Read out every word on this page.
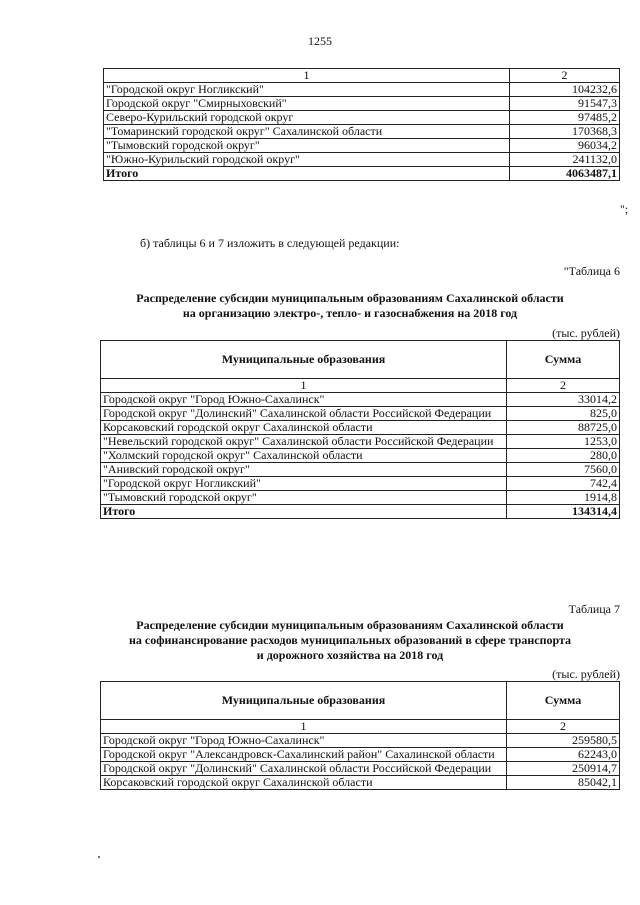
1255
1	2
"Городской округ Ногликский"	104232,6
Городской округ "Смирныховский"	91547,3
Северо-Курильский городской округ	97485,2
"Томаринский городской округ" Сахалинской области	170368,3
"Тымовский городской округ"	96034,2
"Южно-Курильский городской округ"	241132,0
Итого	4063487,1
";
б) таблицы 6 и 7 изложить в следующей редакции:
"Таблица 6
Распределение субсидии муниципальным образованиям Сахалинской области
на организацию электро-, тепло- и газоснабжения на 2018 год
(тыс. рублей)
Муниципальные образования	Сумма
1	2
Городской округ "Город Южно-Сахалинск"	33014,2
Городской округ "Долинский" Сахалинской области Российской Федерации	825,0
Корсаковский городской округ Сахалинской области	88725,0
"Невельский городской округ" Сахалинской области Российской Федерации	1253,0
"Холмский городской округ" Сахалинской области	280,0
"Анивский городской округ"	7560,0
"Городской округ Ногликский"	742,4
"Тымовский городской округ"	1914,8
Итого	134314,4
Таблица 7
Распределение субсидии муниципальным образованиям Сахалинской области
на софинансирование расходов муниципальных образований в сфере транспорта
и дорожного хозяйства на 2018 год
(тыс. рублей)
Муниципальные образования	Сумма
1	2
Городской округ "Город Южно-Сахалинск"	259580,5
Городской округ "Александровск-Сахалинский район" Сахалинской области	62243,0
Городской округ "Долинский" Сахалинской области Российской Федерации	250914,7
Корсаковский городской округ Сахалинской области	85042,1
